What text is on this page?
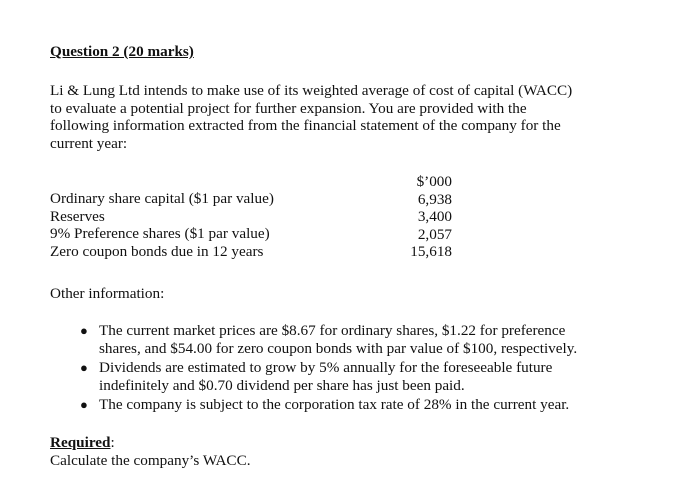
Question 2 (20 marks)
Li & Lung Ltd intends to make use of its weighted average of cost of capital (WACC)
to evaluate a potential project for further expansion. You are provided with the
following information extracted from the financial statement of the company for the
current year:
Ordinary share capital ($1 par value)
Reserves
9% Preference shares ($1 par value)
Zero coupon bonds due in 12 years
$’000
6,938
3,400
2,057
15,618
Other information:
● The current market prices are $8.67 for ordinary shares, $1.22 for preference
shares, and $54.00 for zero coupon bonds with par value of $100, respectively.
● Dividends are estimated to grow by 5% annually for the foreseeable future
indefinitely and $0.70 dividend per share has just been paid.
● The company is subject to the corporation tax rate of 28% in the current year.
Required:
Calculate the company’s WACC.
